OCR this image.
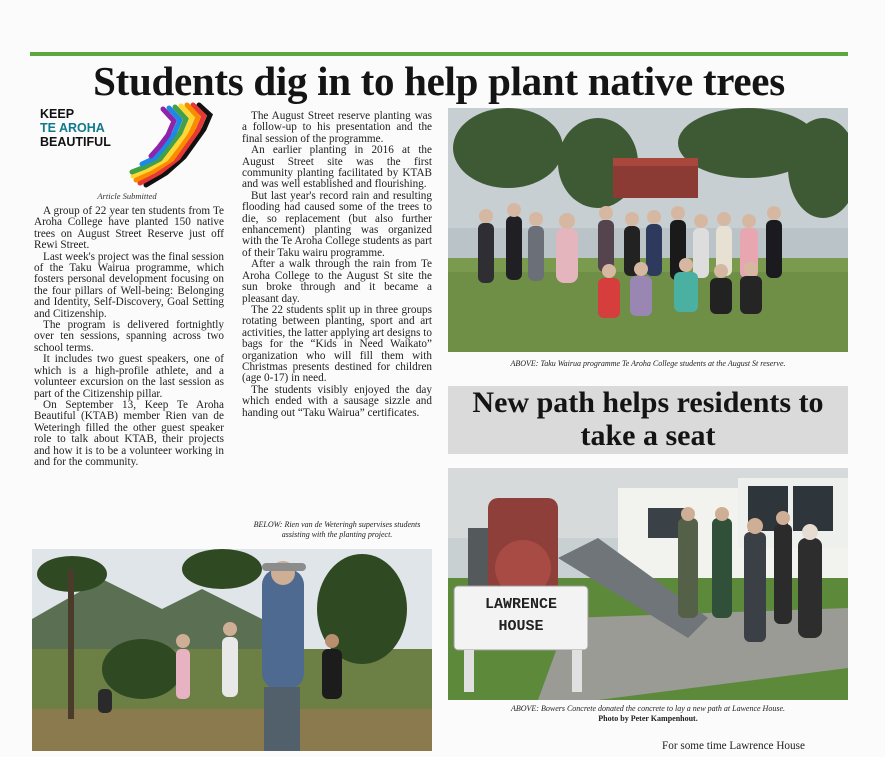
Students dig in to help plant native trees
KEEP
TE AROHA
BEAUTIFUL
Article Submitted

A group of 22 year ten students from Te Aroha College have planted 150 native trees on August Street Reserve just off Rewi Street.

Last week's project was the final session of the Taku Wairua programme, which fosters personal development focusing on the four pillars of Well-being: Belonging and Identity, Self-Discovery, Goal Setting and Citizenship.

The program is delivered fortnightly over ten sessions, spanning across two school terms.

It includes two guest speakers, one of which is a high-profile athlete, and a volunteer excursion on the last session as part of the Citizenship pillar.

On September 13, Keep Te Aroha Beautiful (KTAB) member Rien van de Weteringh filled the other guest speaker role to talk about KTAB, their projects and how it is to be a volunteer working in and for the community.

The August Street reserve planting was a follow-up to his presentation and the final session of the programme.

An earlier planting in 2016 at the August Street site was the first community planting facilitated by KTAB and was well established and flourishing.

But last year's record rain and resulting flooding had caused some of the trees to die, so replacement (but also further enhancement) planting was organized with the Te Aroha College students as part of their Taku wairu programme.

After a walk through the rain from Te Aroha College to the August St site the sun broke through and it became a pleasant day.

The 22 students split up in three groups rotating between planting, sport and art activities, the latter applying art designs to bags for the “Kids in Need Waikato” organization who will fill them with Christmas presents destined for children (age 0-17) in need.

The students visibly enjoyed the day which ended with a sausage sizzle and handing out “Taku Wairua” certificates.

BELOW: Rien van de Weteringh supervises students assisting with the planting project.
ABOVE: Taku Wairua programme Te Aroha College students at the August St reserve.
New path helps residents to take a seat
LAWRENCE
HOUSE
ABOVE: Bowers Concrete donated the concrete to lay a new path at Lawence House.
Photo by Peter Kampenhout.

For some time Lawrence House
